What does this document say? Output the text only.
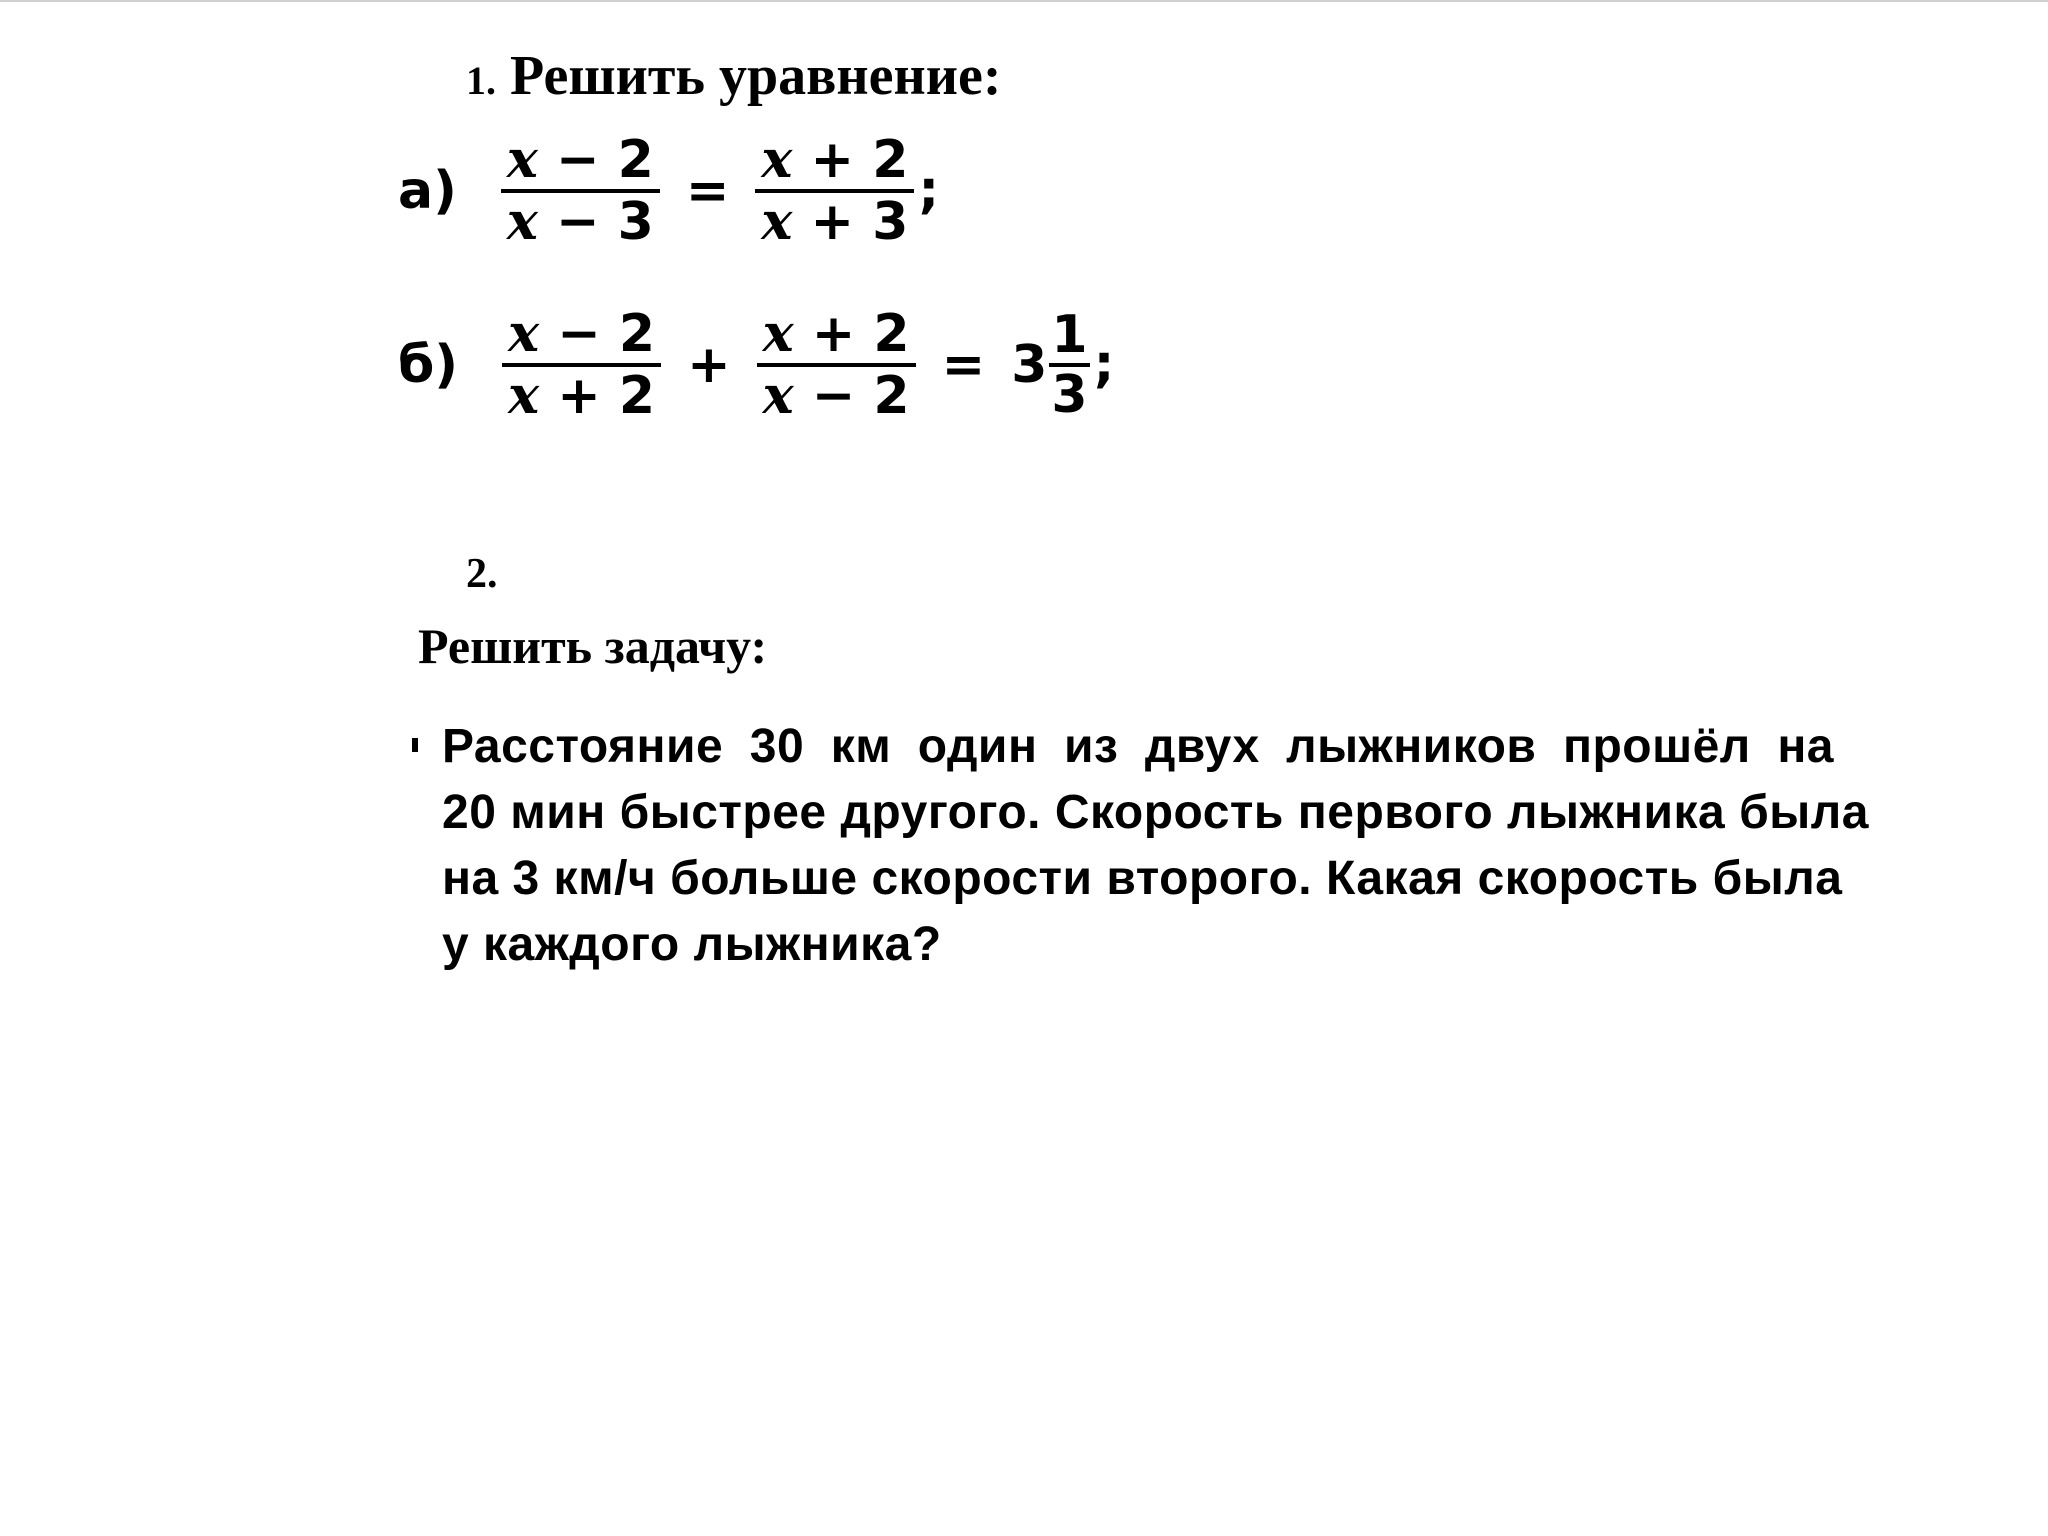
1. Решить уравнение:
$а) \frac{x - 2}{x - 3} = \frac{x + 2}{x + 3}$ ;
$б) \frac{x - 2}{x + 2} + \frac{x + 2}{x - 2} = 3 \frac{1}{3}$ ;
2.
Решить задачу:
Расстояние 30 км один из двух лыжников прошёл на
20 мин быстрее другого. Скорость первого лыжника была
на 3 км/ч больше скорости второго. Какая скорость была
у каждого лыжника?
